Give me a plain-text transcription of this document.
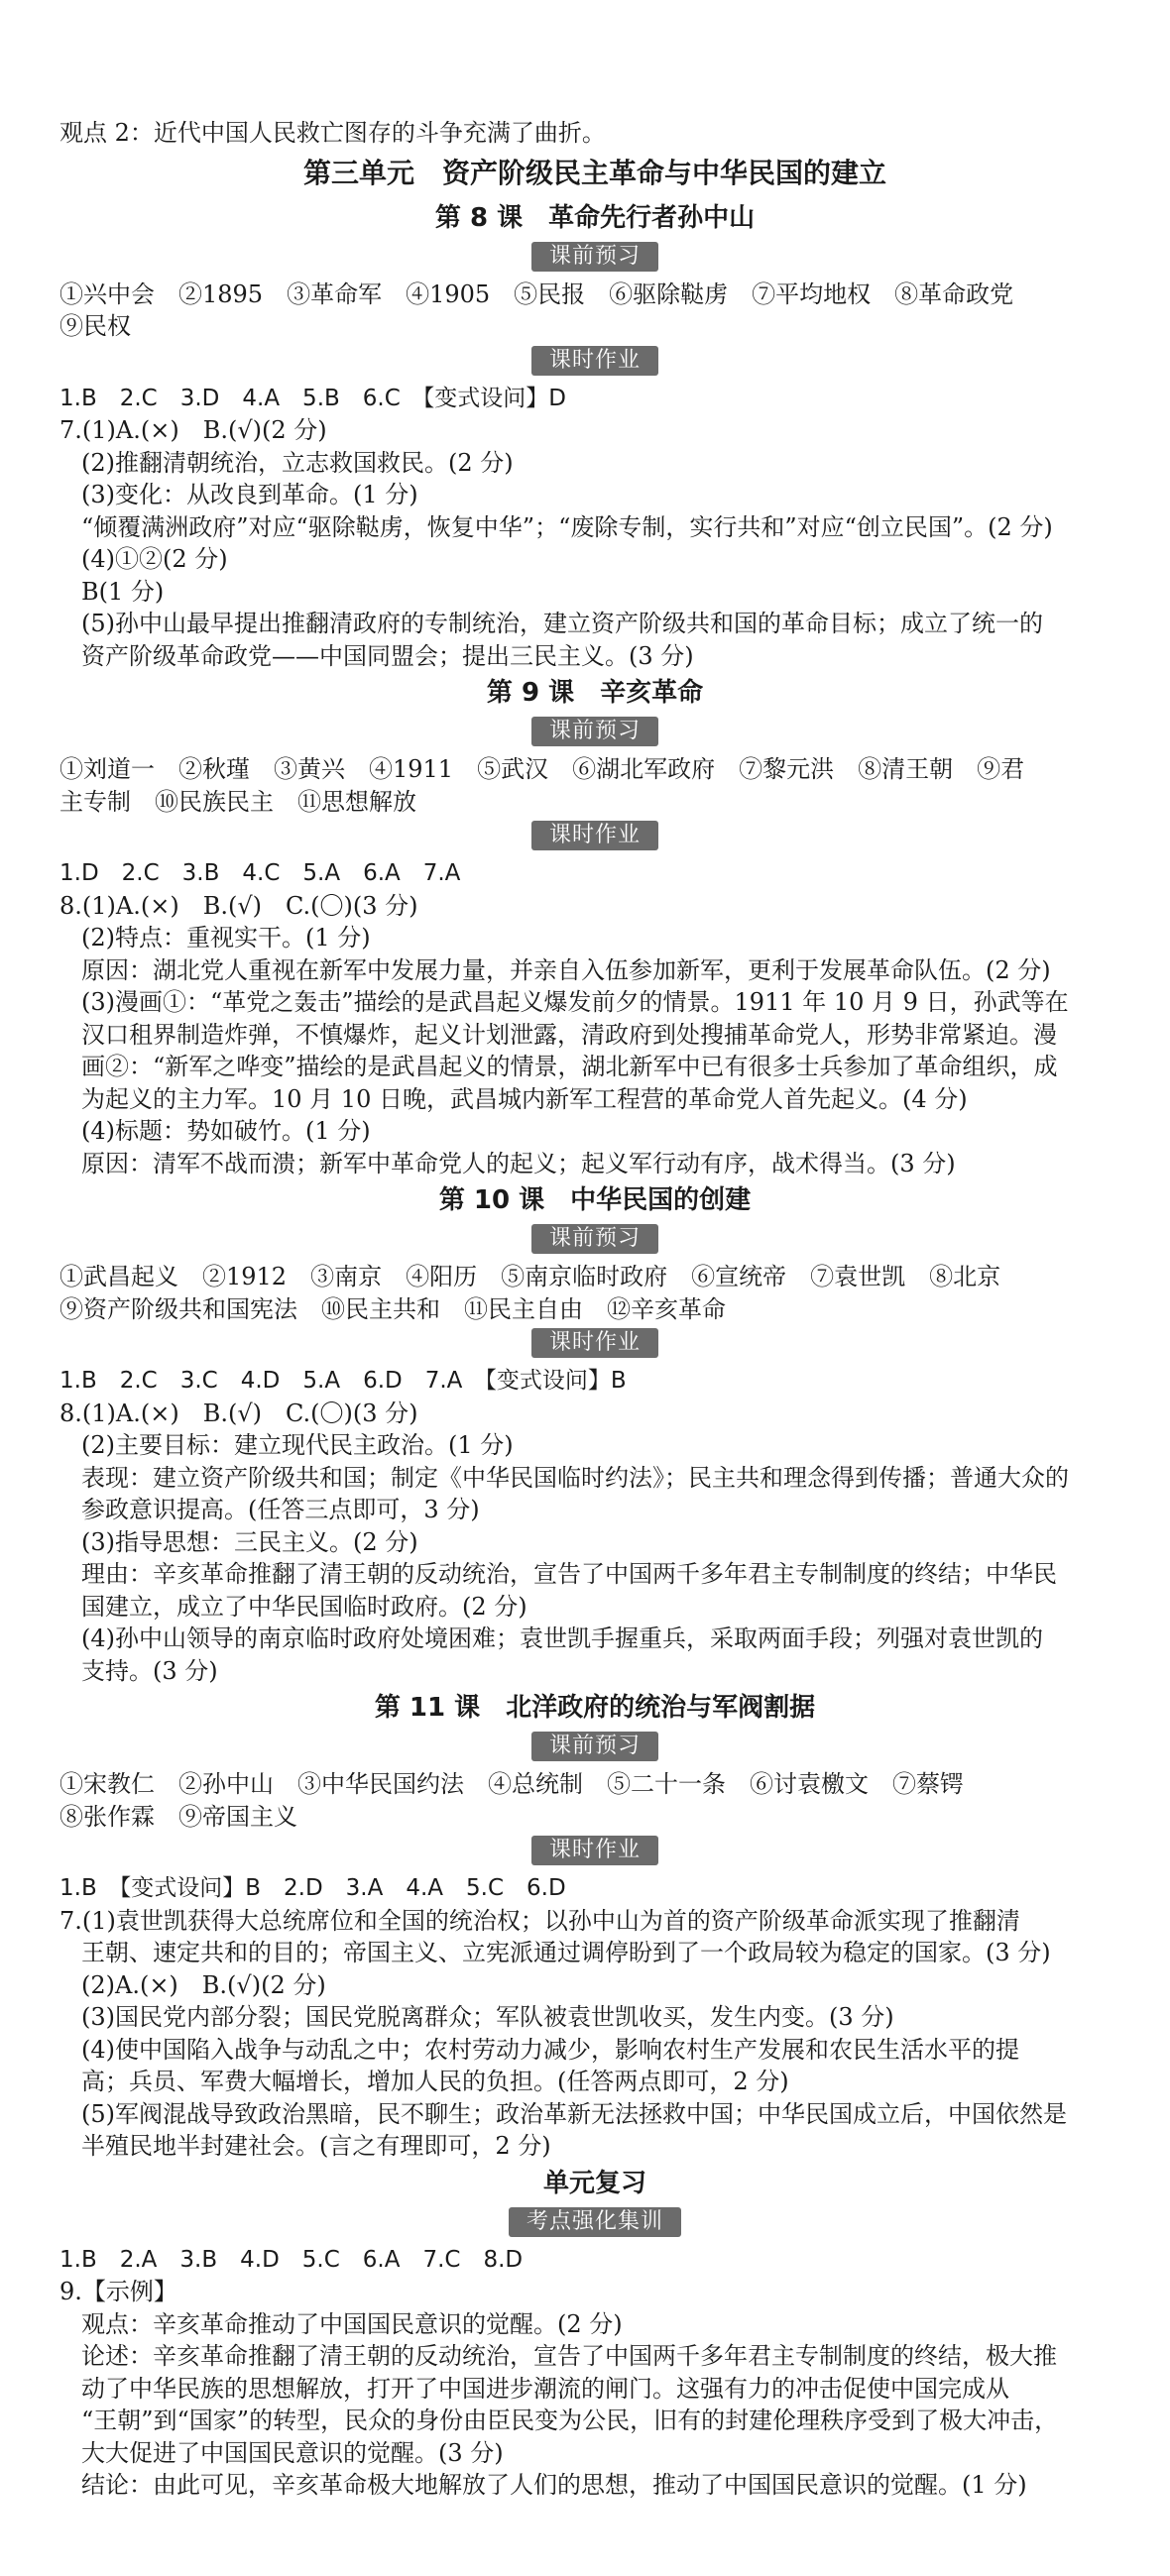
观点 2：近代中国人民救亡图存的斗争充满了曲折。
第三单元　资产阶级民主革命与中华民国的建立
第 8 课　革命先行者孙中山
课前预习
①兴中会　②1895　③革命军　④1905　⑤民报　⑥驱除鞑虏　⑦平均地权　⑧革命政党
⑨民权
课时作业
1.B　2.C　3.D　4.A　5.B　6.C　【变式设问】D
7.(1)A.(×)　B.(√)(2 分)
(2)推翻清朝统治，立志救国救民。(2 分)
(3)变化：从改良到革命。(1 分)
“倾覆满洲政府”对应“驱除鞑虏，恢复中华”；“废除专制，实行共和”对应“创立民国”。(2 分)
(4)①②(2 分)
B(1 分)
(5)孙中山最早提出推翻清政府的专制统治，建立资产阶级共和国的革命目标；成立了统一的
资产阶级革命政党——中国同盟会；提出三民主义。(3 分)
第 9 课　辛亥革命
课前预习
①刘道一　②秋瑾　③黄兴　④1911　⑤武汉　⑥湖北军政府　⑦黎元洪　⑧清王朝　⑨君
主专制　⑩民族民主　⑪思想解放
课时作业
1.D　2.C　3.B　4.C　5.A　6.A　7.A
8.(1)A.(×)　B.(√)　C.(〇)(3 分)
(2)特点：重视实干。(1 分)
原因：湖北党人重视在新军中发展力量，并亲自入伍参加新军，更利于发展革命队伍。(2 分)
(3)漫画①：“革党之轰击”描绘的是武昌起义爆发前夕的情景。1911 年 10 月 9 日，孙武等在
汉口租界制造炸弹，不慎爆炸，起义计划泄露，清政府到处搜捕革命党人，形势非常紧迫。漫
画②：“新军之哗变”描绘的是武昌起义的情景，湖北新军中已有很多士兵参加了革命组织，成
为起义的主力军。10 月 10 日晚，武昌城内新军工程营的革命党人首先起义。(4 分)
(4)标题：势如破竹。(1 分)
原因：清军不战而溃；新军中革命党人的起义；起义军行动有序，战术得当。(3 分)
第 10 课　中华民国的创建
课前预习
①武昌起义　②1912　③南京　④阳历　⑤南京临时政府　⑥宣统帝　⑦袁世凯　⑧北京
⑨资产阶级共和国宪法　⑩民主共和　⑪民主自由　⑫辛亥革命
课时作业
1.B　2.C　3.C　4.D　5.A　6.D　7.A　【变式设问】B
8.(1)A.(×)　B.(√)　C.(〇)(3 分)
(2)主要目标：建立现代民主政治。(1 分)
表现：建立资产阶级共和国；制定《中华民国临时约法》；民主共和理念得到传播；普通大众的
参政意识提高。(任答三点即可，3 分)
(3)指导思想：三民主义。(2 分)
理由：辛亥革命推翻了清王朝的反动统治，宣告了中国两千多年君主专制制度的终结；中华民
国建立，成立了中华民国临时政府。(2 分)
(4)孙中山领导的南京临时政府处境困难；袁世凯手握重兵，采取两面手段；列强对袁世凯的
支持。(3 分)
第 11 课　北洋政府的统治与军阀割据
课前预习
①宋教仁　②孙中山　③中华民国约法　④总统制　⑤二十一条　⑥讨袁檄文　⑦蔡锷
⑧张作霖　⑨帝国主义
课时作业
1.B　【变式设问】B　2.D　3.A　4.A　5.C　6.D
7.(1)袁世凯获得大总统席位和全国的统治权；以孙中山为首的资产阶级革命派实现了推翻清
王朝、速定共和的目的；帝国主义、立宪派通过调停盼到了一个政局较为稳定的国家。(3 分)
(2)A.(×)　B.(√)(2 分)
(3)国民党内部分裂；国民党脱离群众；军队被袁世凯收买，发生内变。(3 分)
(4)使中国陷入战争与动乱之中；农村劳动力减少，影响农村生产发展和农民生活水平的提
高；兵员、军费大幅增长，增加人民的负担。(任答两点即可，2 分)
(5)军阀混战导致政治黑暗，民不聊生；政治革新无法拯救中国；中华民国成立后，中国依然是
半殖民地半封建社会。(言之有理即可，2 分)
单元复习
考点强化集训
1.B　2.A　3.B　4.D　5.C　6.A　7.C　8.D
9.【示例】
观点：辛亥革命推动了中国国民意识的觉醒。(2 分)
论述：辛亥革命推翻了清王朝的反动统治，宣告了中国两千多年君主专制制度的终结，极大推
动了中华民族的思想解放，打开了中国进步潮流的闸门。这强有力的冲击促使中国完成从
“王朝”到“国家”的转型，民众的身份由臣民变为公民，旧有的封建伦理秩序受到了极大冲击，
大大促进了中国国民意识的觉醒。(3 分)
结论：由此可见，辛亥革命极大地解放了人们的思想，推动了中国国民意识的觉醒。(1 分)
